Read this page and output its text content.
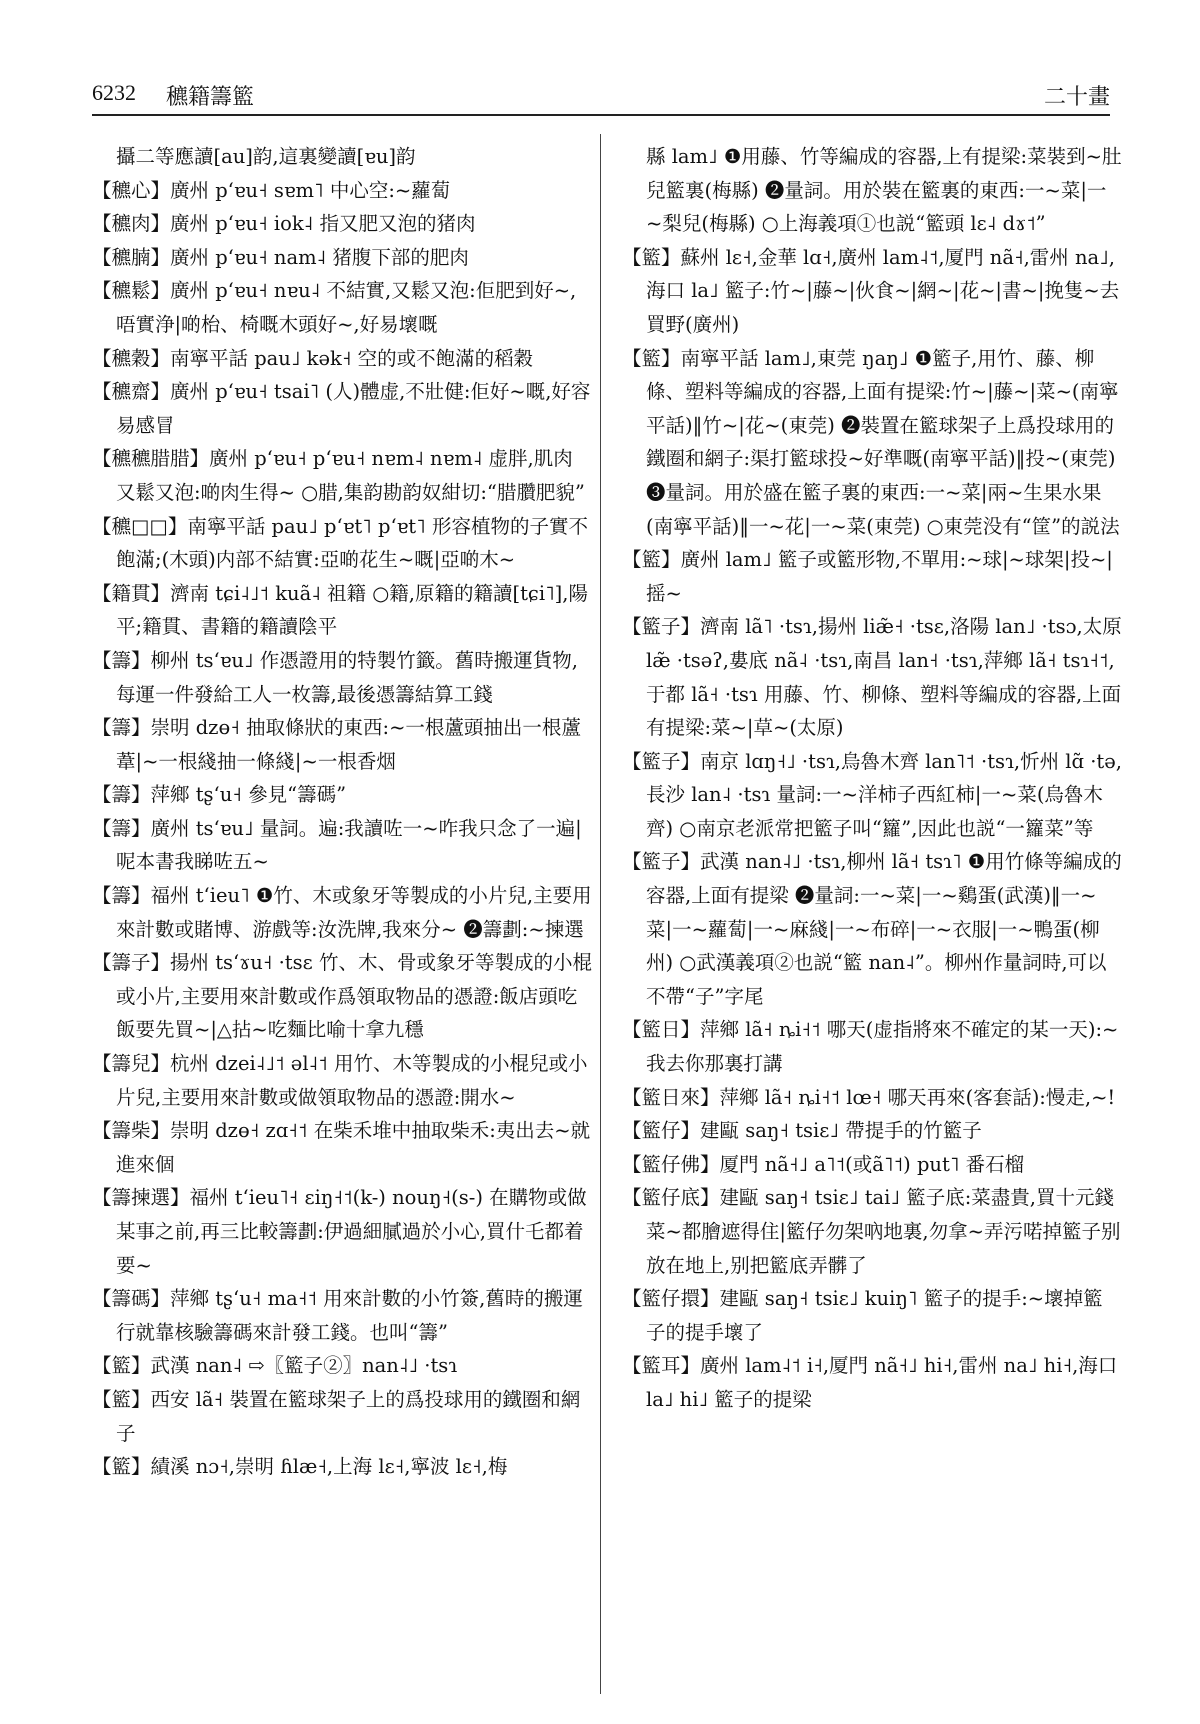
6232 穮籍籌籃	二十畫

攝二等應讀[au]韵,這裏變讀[ɐu]韵

【穮心】廣州 pʻɐu˧ sɐm˥ 中心空:~蘿蔔

【穮肉】廣州 pʻɐu˧ iok˨ 指又肥又泡的猪肉

【穮腩】廣州 pʻɐu˧ nam˨ 猪腹下部的肥肉

【穮鬆】廣州 pʻɐu˧ nɐu˨ 不結實,又鬆又泡:佢肥到好~,唔實浄|啲枱、椅嘅木頭好~,好易壞嘅

【穮穀】南寧平話 pau˩ kək˧ 空的或不飽滿的稻穀

【穮齋】廣州 pʻɐu˧ tsai˥ (人)體虚,不壯健:佢好~嘅,好容易感冒

【穮穮腊腊】廣州 pʻɐu˧ pʻɐu˧ nɐm˨ nɐm˨ 虚胖,肌肉又鬆又泡:啲肉生得~ ○腊,集韵勘韵奴紺切:“腊臢肥貌”

【穮□□】南寧平話 pau˩ pʻɐt˥ pʻɐt˥ 形容植物的子實不飽滿;(木頭)内部不結實:亞啲花生~嘅|亞啲木~

【籍貫】濟南 tɕi˨˩˦ kuã˨ 祖籍 ○籍,原籍的籍讀[tɕi˥],陽平;籍貫、書籍的籍讀陰平

【籌】柳州 tsʻɐu˩ 作憑證用的特製竹籤。舊時搬運貨物,每運一件發給工人一枚籌,最後憑籌結算工錢

【籌】崇明 dzɵ˧ 抽取條狀的東西:~一根蘆頭抽出一根蘆葦|~一根綫抽一條綫|~一根香烟

【籌】萍鄉 tʂʻu˧ 參見“籌碼”

【籌】廣州 tsʻɐu˩ 量詞。遍:我讀咗一~咋我只念了一遍|呢本書我睇咗五~

【籌】福州 tʻieu˥ ❶竹、木或象牙等製成的小片兒,主要用來計數或賭博、游戲等:汝洗牌,我來分~ ❷籌劃:~揀選

【籌子】揚州 tsʻɤu˧ ·tsɛ 竹、木、骨或象牙等製成的小棍或小片,主要用來計數或作爲領取物品的憑證:飯店頭吃飯要先買~|△拈~吃麵比喻十拿九穩

【籌兒】杭州 dzei˨˩˦ əl˨˦ 用竹、木等製成的小棍兒或小片兒,主要用來計數或做領取物品的憑證:開水~

【籌柴】崇明 dzɵ˧ zɑ˧˦ 在柴禾堆中抽取柴禾:夷出去~就進來個

【籌揀選】福州 tʻieu˥˧ ɛiŋ˧˦(k-) nouŋ˧(s-) 在購物或做某事之前,再三比較籌劃:伊過細膩過於小心,買什乇都着要~

【籌碼】萍鄉 tʂʻu˧ ma˧˦ 用來計數的小竹簽,舊時的搬運行就靠核驗籌碼來計發工錢。也叫“籌”

【籃】武漢 nan˨ ⇨〖籃子②〗nan˨˩ ·tsɿ

【籃】西安 lã˧ 裝置在籃球架子上的爲投球用的鐵圈和網子

【籃】績溪 nɔ˧,崇明 ɦlæ˧,上海 lɛ˧,寧波 lɛ˧,梅

縣 lam˩ ❶用藤、竹等編成的容器,上有提梁:菜裝到~肚兒籃裏(梅縣) ❷量詞。用於裝在籃裏的東西:一~菜|一~梨兒(梅縣) ○上海義項①也説“籃頭 lɛ˨ dɤ˦”

【籃】蘇州 lɛ˧,金華 lɑ˧,廣州 lam˨˦,厦門 nã˧,雷州 na˩,海口 la˩ 籃子:竹~|藤~|伙食~|網~|花~|書~|挽隻~去買野(廣州)

【籃】南寧平話 lam˩,東莞 ŋaŋ˩ ❶籃子,用竹、藤、柳條、塑料等編成的容器,上面有提梁:竹~|藤~|菜~(南寧平話)‖竹~|花~(東莞) ❷裝置在籃球架子上爲投球用的鐵圈和網子:渠打籃球投~好準嘅(南寧平話)‖投~(東莞) ❸量詞。用於盛在籃子裏的東西:一~菜|兩~生果水果(南寧平話)‖一~花|一~菜(東莞) ○東莞没有“筐”的説法

【籃】廣州 lam˩ 籃子或籃形物,不單用:~球|~球架|投~|摇~

【籃子】濟南 lã˥ ·tsɿ,揚州 liæ̃˧ ·tsɛ,洛陽 lan˩ ·tsɔ,太原 læ̃ ·tsəʔ,婁底 nã˨ ·tsɿ,南昌 lan˧ ·tsɿ,萍鄉 lã˧ tsɿ˧˦,于都 lã˧ ·tsɿ 用藤、竹、柳條、塑料等編成的容器,上面有提梁:菜~|草~(太原)

【籃子】南京 lɑŋ˧˩ ·tsɿ,烏魯木齊 lan˥˦ ·tsɿ,忻州 lɑ̃ ·tə,長沙 lan˨ ·tsɿ 量詞:一~洋柿子西紅柿|一~菜(烏魯木齊) ○南京老派常把籃子叫“籮”,因此也説“一籮菜”等

【籃子】武漢 nan˨˩ ·tsɿ,柳州 lã˧ tsɿ˥ ❶用竹條等編成的容器,上面有提梁 ❷量詞:一~菜|一~鷄蛋(武漢)‖一~菜|一~蘿蔔|一~麻綫|一~布碎|一~衣服|一~鴨蛋(柳州) ○武漢義項②也説“籃 nan˨”。柳州作量詞時,可以不帶“子”字尾

【籃日】萍鄉 lã˧ ȵi˧˦ 哪天(虚指將來不確定的某一天):~我去你那裏打講

【籃日來】萍鄉 lã˧ ȵi˧˦ lœ˧ 哪天再來(客套話):慢走,~!

【籃仔】建甌 saŋ˧ tsiɛ˩ 帶提手的竹籃子

【籃仔佛】厦門 nã˧˩ a˥˦(或ã˥˦) put˥ 番石榴

【籃仔底】建甌 saŋ˧ tsiɛ˩ tai˩ 籃子底:菜盡貴,買十元錢菜~都膾遮得住|籃仔勿架吶地裏,勿拿~弄污喏掉籃子别放在地上,别把籃底弄髒了

【籃仔擐】建甌 saŋ˧ tsiɛ˩ kuiŋ˥ 籃子的提手:~壞掉籃子的提手壞了

【籃耳】廣州 lam˨˦ i˧,厦門 nã˧˩ hi˧,雷州 na˩ hi˧,海口 la˩ hi˩ 籃子的提梁
